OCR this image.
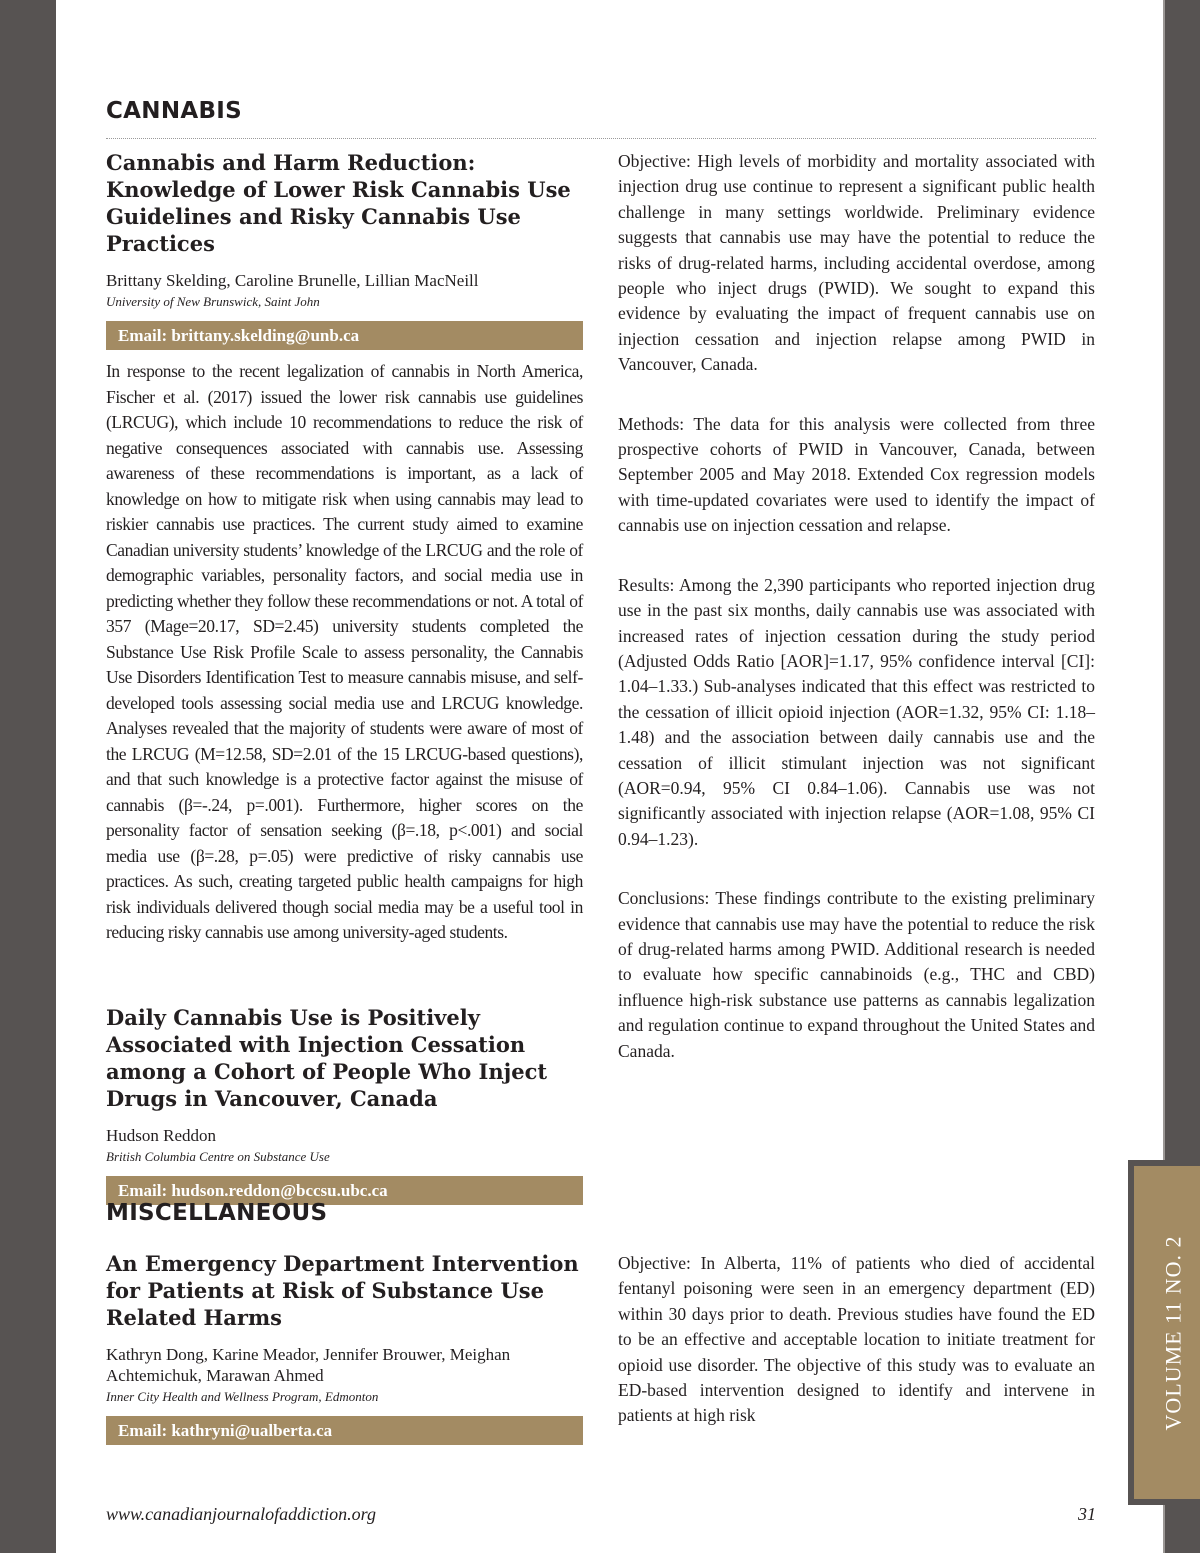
VOLUME 11 NO. 2
CANNABIS
Cannabis and Harm Reduction: Knowledge of Lower Risk Cannabis Use Guidelines and Risky Cannabis Use Practices

Brittany Skelding, Caroline Brunelle, Lillian MacNeill

University of New Brunswick, Saint John

Email: brittany.skelding@unb.ca

In response to the recent legalization of cannabis in North America, Fischer et al. (2017) issued the lower risk cannabis use guidelines (LRCUG), which include 10 recommendations to reduce the risk of negative consequences associated with cannabis use. Assessing awareness of these recommendations is important, as a lack of knowledge on how to mitigate risk when using cannabis may lead to riskier cannabis use practices. The current study aimed to examine Canadian university students’ knowledge of the LRCUG and the role of demographic variables, personality factors, and social media use in predicting whether they follow these recommendations or not. A total of 357 (Mage=20.17, SD=2.45) university students completed the Substance Use Risk Profile Scale to assess personality, the Cannabis Use Disorders Identification Test to measure cannabis misuse, and self-developed tools assessing social media use and LRCUG knowledge. Analyses revealed that the majority of students were aware of most of the LRCUG (M=12.58, SD=2.01 of the 15 LRCUG-based questions), and that such knowledge is a protective factor against the misuse of cannabis (β=-.24, p=.001). Furthermore, higher scores on the personality factor of sensation seeking (β=.18, p<.001) and social media use (β=.28, p=.05) were predictive of risky cannabis use practices. As such, creating targeted public health campaigns for high risk individuals delivered though social media may be a useful tool in reducing risky cannabis use among university-aged students.

Daily Cannabis Use is Positively Associated with Injection Cessation among a Cohort of People Who Inject Drugs in Vancouver, Canada

Hudson Reddon

British Columbia Centre on Substance Use

Email: hudson.reddon@bccsu.ubc.ca

Objective: High levels of morbidity and mortality associated with injection drug use continue to represent a significant public health challenge in many settings worldwide. Preliminary evidence suggests that cannabis use may have the potential to reduce the risks of drug-related harms, including accidental overdose, among people who inject drugs (PWID). We sought to expand this evidence by evaluating the impact of frequent cannabis use on injection cessation and injection relapse among PWID in Vancouver, Canada.

Methods: The data for this analysis were collected from three prospective cohorts of PWID in Vancouver, Canada, between September 2005 and May 2018. Extended Cox regression models with time-updated covariates were used to identify the impact of cannabis use on injection cessation and relapse.

Results: Among the 2,390 participants who reported injection drug use in the past six months, daily cannabis use was associated with increased rates of injection cessation during the study period (Adjusted Odds Ratio [AOR]=1.17, 95% confidence interval [CI]: 1.04–1.33.) Sub-analyses indicated that this effect was restricted to the cessation of illicit opioid injection (AOR=1.32, 95% CI: 1.18–1.48) and the association between daily cannabis use and the cessation of illicit stimulant injection was not significant (AOR=0.94, 95% CI 0.84–1.06). Cannabis use was not significantly associated with injection relapse (AOR=1.08, 95% CI 0.94–1.23).

Conclusions: These findings contribute to the existing preliminary evidence that cannabis use may have the potential to reduce the risk of drug-related harms among PWID. Additional research is needed to evaluate how specific cannabinoids (e.g., THC and CBD) influence high-risk substance use patterns as cannabis legalization and regulation continue to expand throughout the United States and Canada.

MISCELLANEOUS
An Emergency Department Intervention for Patients at Risk of Substance Use Related Harms

Kathryn Dong, Karine Meador, Jennifer Brouwer, Meighan Achtemichuk, Marawan Ahmed

Inner City Health and Wellness Program, Edmonton

Email: kathryni@ualberta.ca

Objective: In Alberta, 11% of patients who died of accidental fentanyl poisoning were seen in an emergency department (ED) within 30 days prior to death. Previous studies have found the ED to be an effective and acceptable location to initiate treatment for opioid use disorder. The objective of this study was to evaluate an ED-based intervention designed to identify and intervene in patients at high risk

www.canadianjournalofaddiction.org	31
